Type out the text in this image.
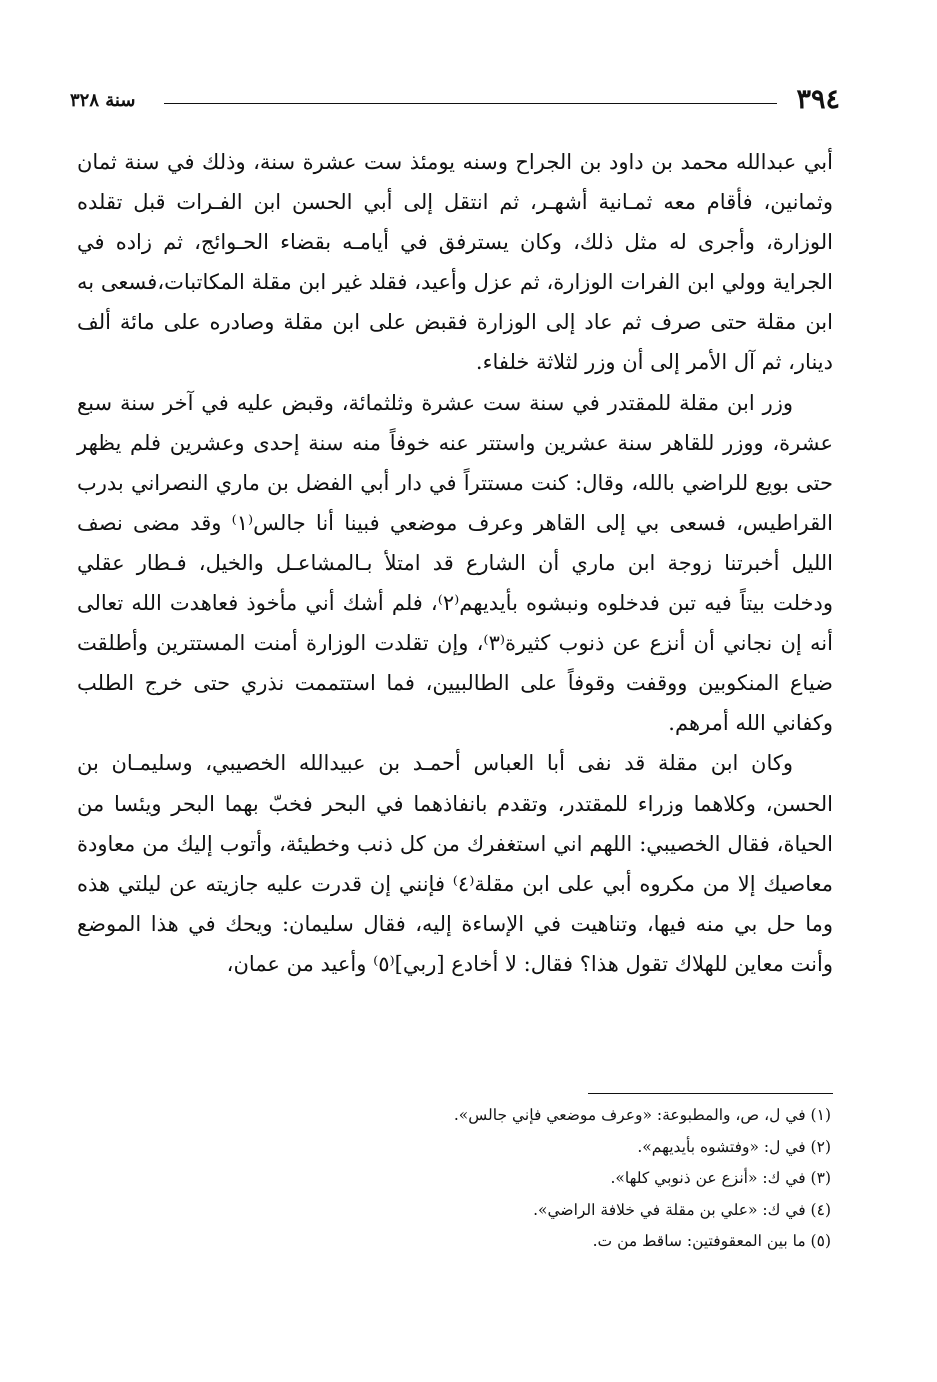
٣٩٤
سنة ٣٢٨

أبي عبدالله محمد بن داود بن الجراح وسنه يومئذ ست عشرة سنة، وذلك في سنة ثمان وثمانين، فأقام معه ثمـانية أشهـر، ثم انتقل إلى أبي الحسن ابن الفـرات قبل تقلده الوزارة، وأجرى له مثل ذلك، وكان يسترفق في أيامـه بقضاء الحـوائج، ثم زاده في الجراية وولي ابن الفرات الوزارة، ثم عزل وأعيد، فقلد غير ابن مقلة المكاتبات،فسعى به ابن مقلة حتى صرف ثم عاد إلى الوزارة فقبض على ابن مقلة وصادره على مائة ألف دينار، ثم آل الأمر إلى أن وزر لثلاثة خلفاء.

وزر ابن مقلة للمقتدر في سنة ست عشرة وثلثمائة، وقبض عليه في آخر سنة سبع عشرة، ووزر للقاهر سنة عشرين واستتر عنه خوفاً منه سنة إحدى وعشرين فلم يظهر حتى بويع للراضي بالله، وقال: كنت مستتراً في دار أبي الفضل بن ماري النصراني بدرب القراطيس، فسعى بي إلى القاهر وعرف موضعي فبينا أنا جالس⁽١⁾ وقد مضى نصف الليل أخبرتنا زوجة ابن ماري أن الشارع قد امتلأ بـالمشاعـل والخيل، فـطار عقلي ودخلت بيتاً فيه تبن فدخلوه ونبشوه بأيديهم⁽٢⁾، فلم أشك أني مأخوذ فعاهدت الله تعالى أنه إن نجاني أن أنزع عن ذنوب كثيرة⁽٣⁾، وإن تقلدت الوزارة أمنت المستترين وأطلقت ضياع المنكوبين ووقفت وقوفاً على الطالبيين، فما استتممت نذري حتى خرج الطلب وكفاني الله أمرهم.

وكان ابن مقلة قد نفى أبا العباس أحمـد بن عبيدالله الخصيبي، وسليمـان بن الحسن، وكلاهما وزراء للمقتدر، وتقدم بانفاذهما في البحر فخبّ بهما البحر ويئسا من الحياة، فقال الخصيبي: اللهم اني استغفرك من كل ذنب وخطيئة، وأتوب إليك من معاودة معاصيك إلا من مكروه أبي على ابن مقلة⁽٤⁾ فإنني إن قدرت عليه جازيته عن ليلتي هذه وما حل بي منه فيها، وتناهيت في الإساءة إليه، فقال سليمان: ويحك في هذا الموضع وأنت معاين للهلاك تقول هذا؟ فقال: لا أخادع [ربي]⁽٥⁾ وأعيد من عمان،

(١) في ل، ص، والمطبوعة: «وعرف موضعي فإني جالس».
(٢) في ل: «وفتشوه بأيديهم».
(٣) في ك: «أنزع عن ذنوبي كلها».
(٤) في ك: «علي بن مقلة في خلافة الراضي».
(٥) ما بين المعقوفتين: ساقط من ت.
